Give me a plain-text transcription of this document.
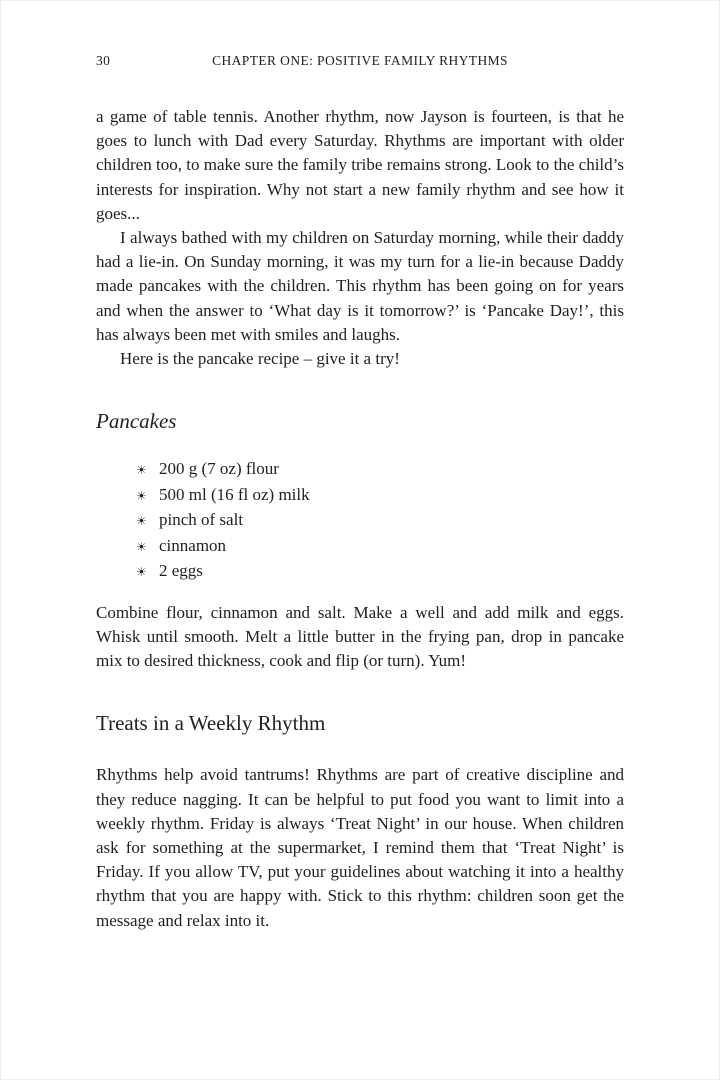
30	CHAPTER ONE: POSITIVE FAMILY RHYTHMS

a game of table tennis. Another rhythm, now Jayson is fourteen, is that he goes to lunch with Dad every Saturday. Rhythms are important with older children too, to make sure the family tribe remains strong. Look to the child’s interests for inspiration. Why not start a new family rhythm and see how it goes...

I always bathed with my children on Saturday morning, while their daddy had a lie-in. On Sunday morning, it was my turn for a lie-in because Daddy made pancakes with the children. This rhythm has been going on for years and when the answer to ‘What day is it tomorrow?’ is ‘Pancake Day!’, this has always been met with smiles and laughs.

Here is the pancake recipe – give it a try!

Pancakes
☀ 200 g (7 oz) flour
☀ 500 ml (16 fl oz) milk
☀ pinch of salt
☀ cinnamon
☀ 2 eggs

Combine flour, cinnamon and salt. Make a well and add milk and eggs. Whisk until smooth. Melt a little butter in the frying pan, drop in pancake mix to desired thickness, cook and flip (or turn). Yum!

Treats in a Weekly Rhythm

Rhythms help avoid tantrums! Rhythms are part of creative discipline and they reduce nagging. It can be helpful to put food you want to limit into a weekly rhythm. Friday is always ‘Treat Night’ in our house. When children ask for something at the supermarket, I remind them that ‘Treat Night’ is Friday. If you allow TV, put your guidelines about watching it into a healthy rhythm that you are happy with. Stick to this rhythm: children soon get the message and relax into it.
